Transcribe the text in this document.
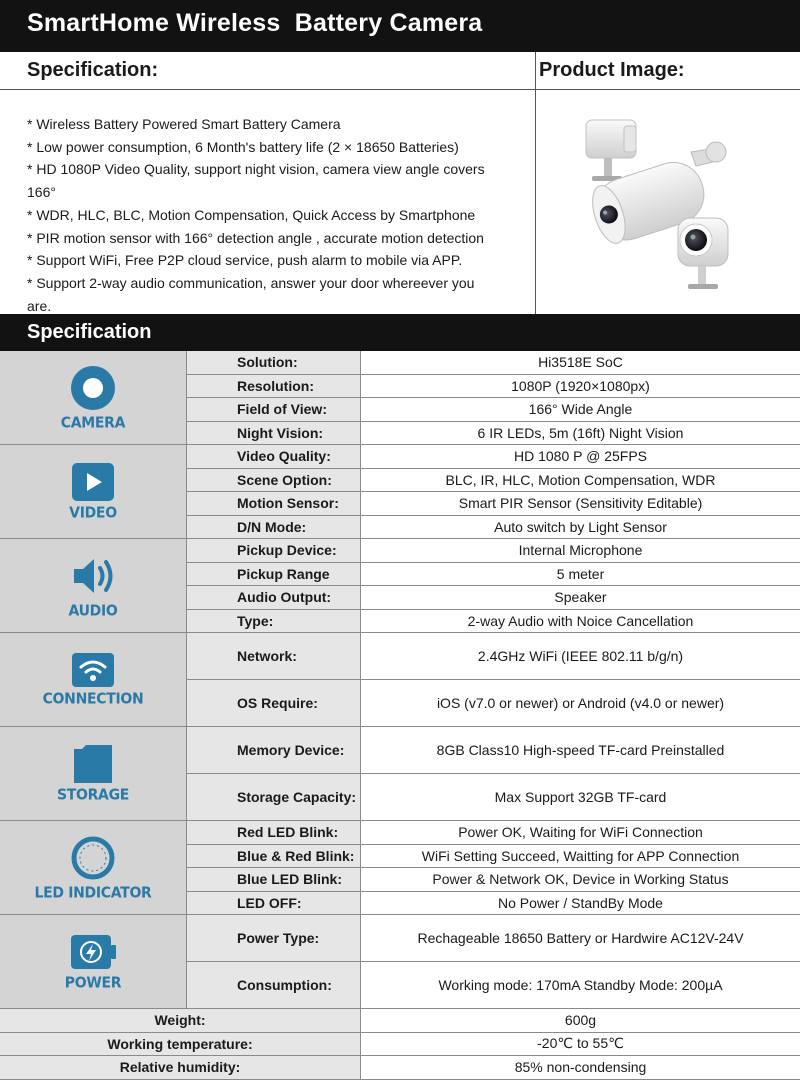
SmartHome Wireless  Battery Camera
Specification:	Product Image:
* Wireless Battery Powered Smart Battery Camera
* Low power consumption, 6 Month's battery life (2 × 18650 Batteries)
* HD 1080P Video Quality, support night vision, camera view angle covers
166°
* WDR, HLC, BLC, Motion Compensation, Quick Access by Smartphone
* PIR motion sensor with 166° detection angle , accurate motion detection
* Support WiFi, Free P2P cloud service, push alarm to mobile via APP.
* Support 2-way audio communication, answer your door whereever you
are.
Specification
CAMERA
Solution:	Hi3518E SoC
Resolution:	1080P (1920×1080px)
Field of View:	166° Wide Angle
Night Vision:	6 IR LEDs, 5m (16ft) Night Vision
VIDEO
Video Quality:	HD 1080 P @ 25FPS
Scene Option:	BLC, IR, HLC, Motion Compensation, WDR
Motion Sensor:	Smart PIR Sensor (Sensitivity Editable)
D/N Mode:	Auto switch by Light Sensor
AUDIO
Pickup Device:	Internal Microphone
Pickup Range	5 meter
Audio Output:	Speaker
Type:	2-way Audio with Noice Cancellation
CONNECTION
Network:	2.4GHz WiFi (IEEE 802.11 b/g/n)
OS Require:	iOS (v7.0 or newer) or Android (v4.0 or newer)
STORAGE
Memory Device:	8GB Class10 High-speed TF-card Preinstalled
Storage Capacity:	Max Support 32GB TF-card
LED INDICATOR
Red LED Blink:	Power OK, Waiting for WiFi Connection
Blue & Red Blink:	WiFi Setting Succeed, Waitting for APP Connection
Blue LED Blink:	Power & Network OK, Device in Working Status
LED OFF:	No Power / StandBy Mode
POWER
Power Type:	Rechageable 18650 Battery or Hardwire AC12V-24V
Consumption:	Working mode: 170mA Standby Mode: 200µA
Weight:	600g
Working temperature:	-20℃ to 55℃
Relative humidity:	85% non-condensing
